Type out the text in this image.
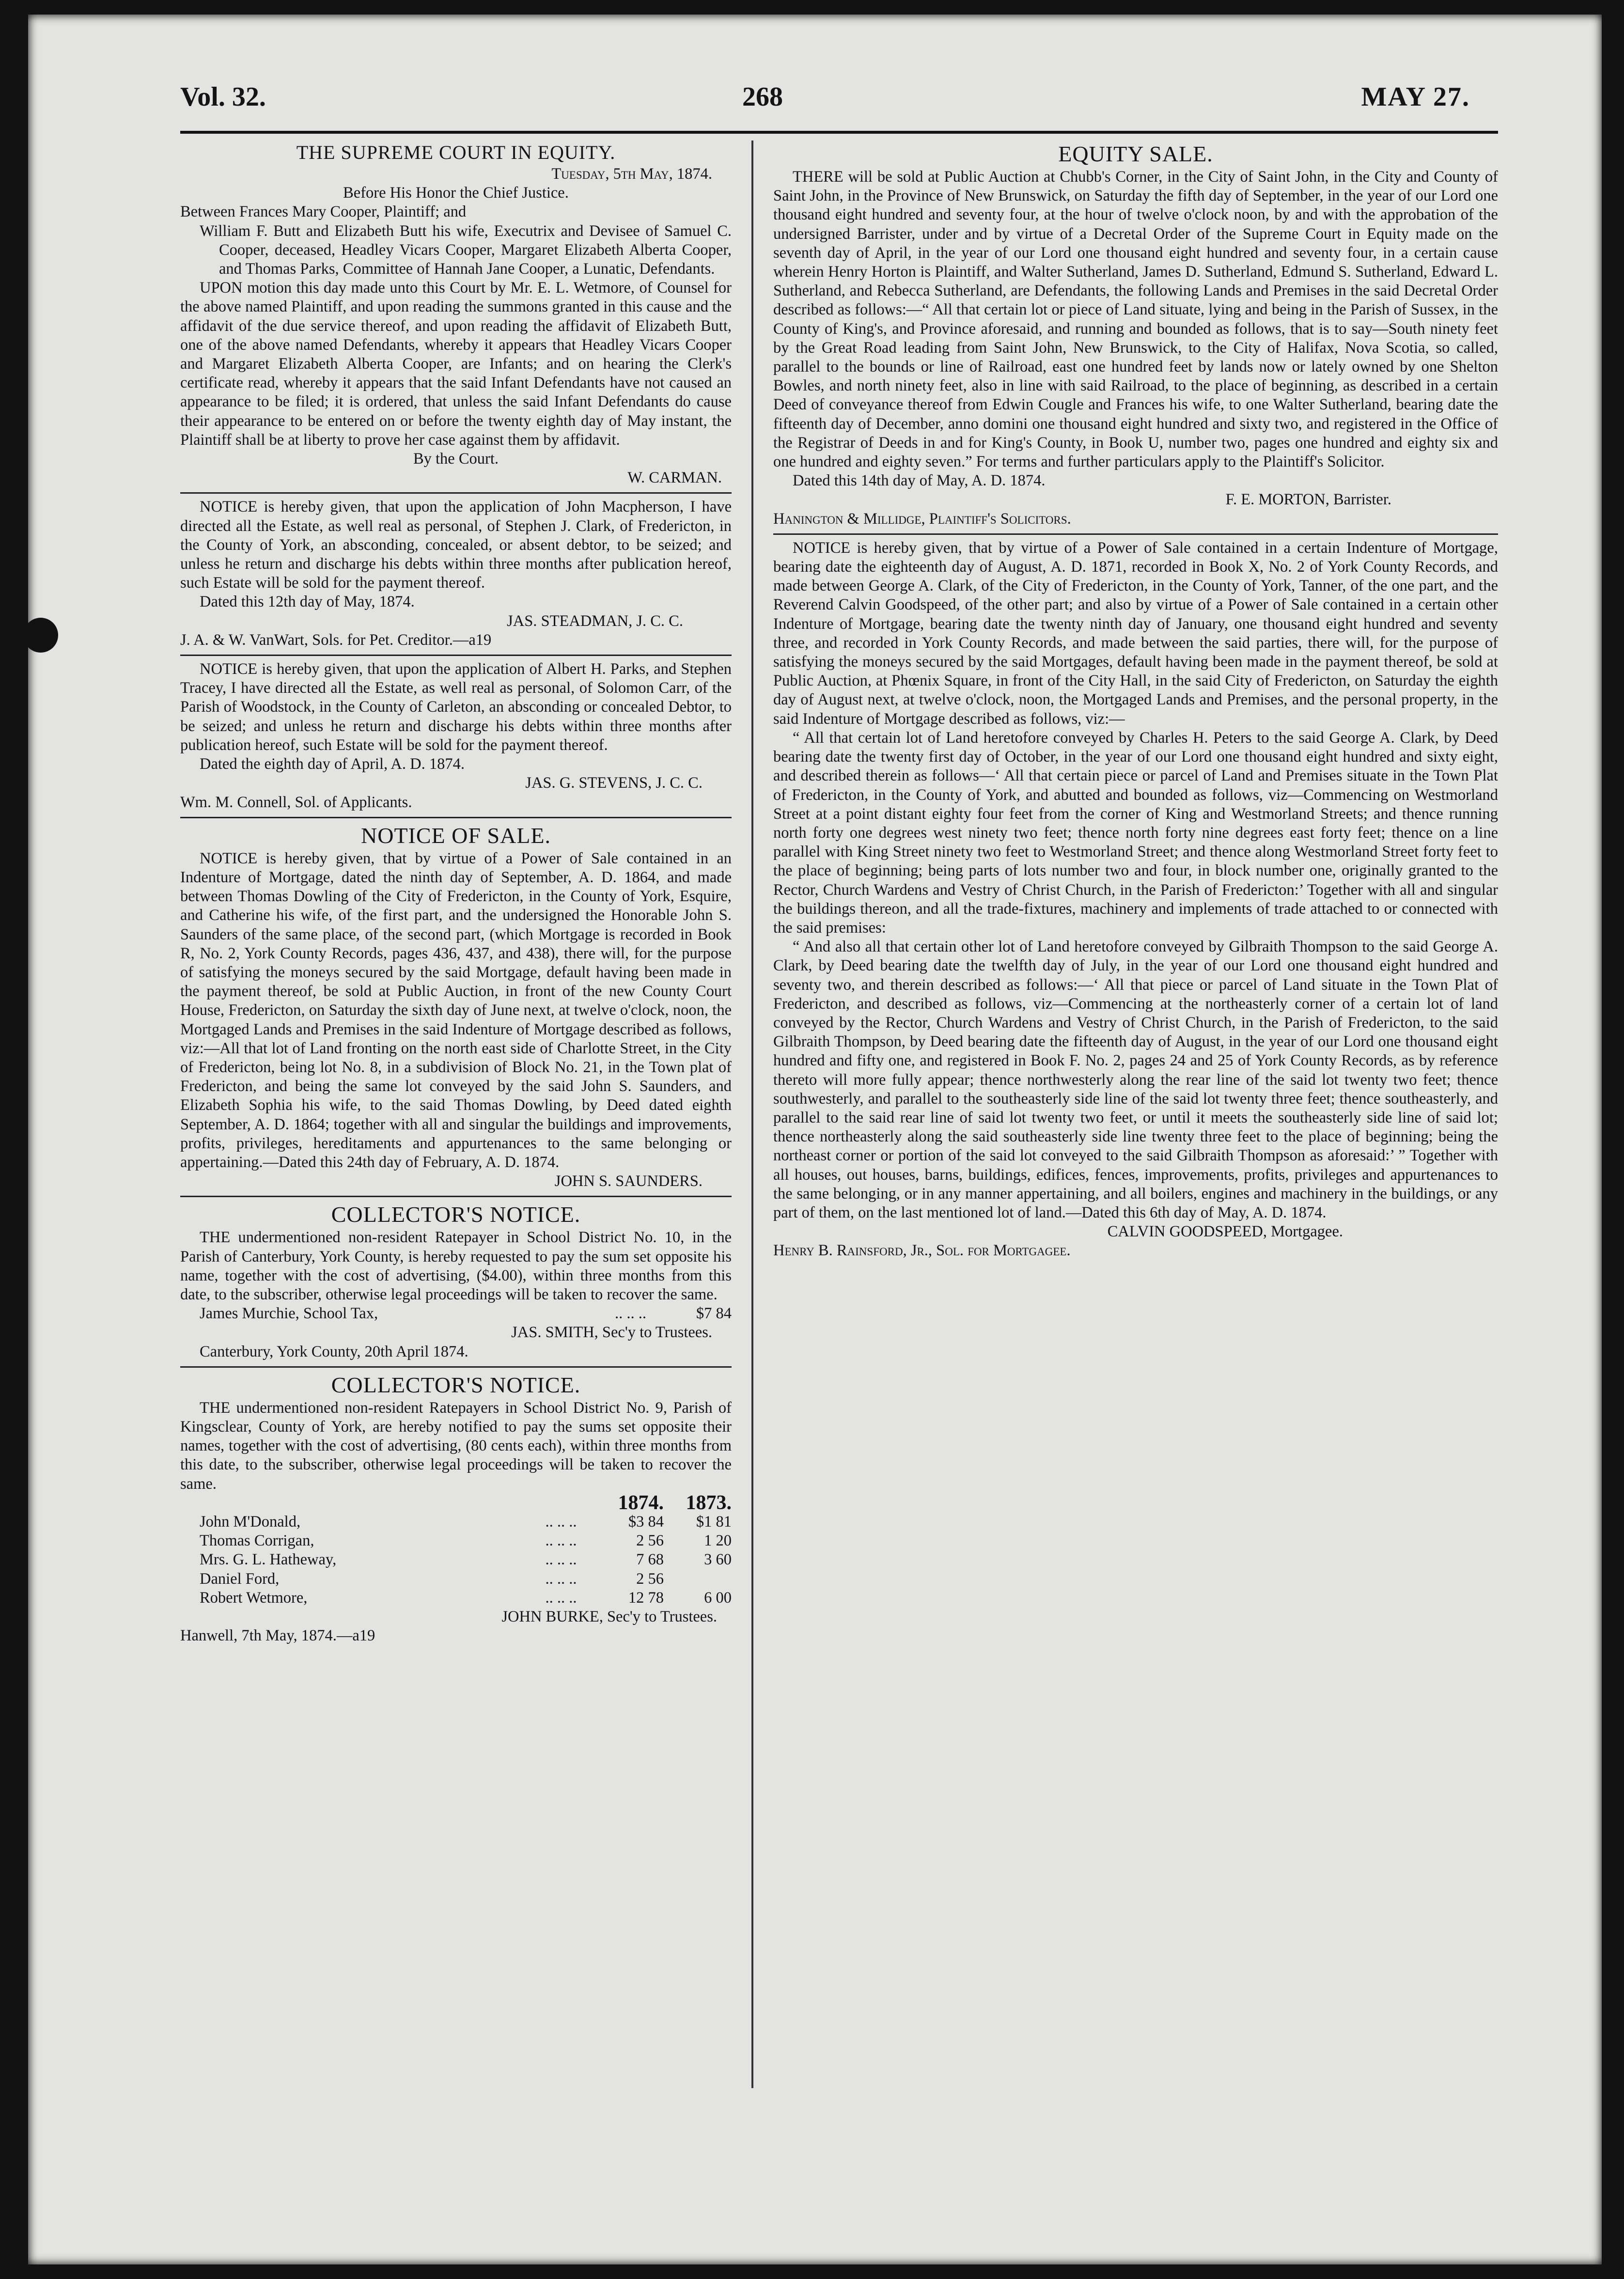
Vol. 32.	268	MAY 27.

THE SUPREME COURT IN EQUITY.

Tuesday, 5th May, 1874.

Before His Honor the Chief Justice.

Between Frances Mary Cooper, Plaintiff; and

William F. Butt and Elizabeth Butt his wife, Executrix and Devisee of Samuel C. Cooper, deceased, Headley Vicars Cooper, Margaret Elizabeth Alberta Cooper, and Thomas Parks, Committee of Hannah Jane Cooper, a Lunatic, Defendants.

UPON motion this day made unto this Court by Mr. E. L. Wetmore, of Counsel for the above named Plaintiff, and upon reading the summons granted in this cause and the affidavit of the due service thereof, and upon reading the affidavit of Elizabeth Butt, one of the above named Defendants, whereby it appears that Headley Vicars Cooper and Margaret Elizabeth Alberta Cooper, are Infants; and on hearing the Clerk's certificate read, whereby it appears that the said Infant Defendants have not caused an appearance to be filed; it is ordered, that unless the said Infant Defendants do cause their appearance to be entered on or before the twenty eighth day of May instant, the Plaintiff shall be at liberty to prove her case against them by affidavit.

By the Court.

W. CARMAN.

NOTICE is hereby given, that upon the application of John Macpherson, I have directed all the Estate, as well real as personal, of Stephen J. Clark, of Fredericton, in the County of York, an absconding, concealed, or absent debtor, to be seized; and unless he return and discharge his debts within three months after publication hereof, such Estate will be sold for the payment thereof.

Dated this 12th day of May, 1874.

JAS. STEADMAN, J. C. C.

J. A. & W. VanWart, Sols. for Pet. Creditor.—a19

NOTICE is hereby given, that upon the application of Albert H. Parks, and Stephen Tracey, I have directed all the Estate, as well real as personal, of Solomon Carr, of the Parish of Woodstock, in the County of Carleton, an absconding or concealed Debtor, to be seized; and unless he return and discharge his debts within three months after publication hereof, such Estate will be sold for the payment thereof.

Dated the eighth day of April, A. D. 1874.

JAS. G. STEVENS, J. C. C.

Wm. M. Connell, Sol. of Applicants.

NOTICE OF SALE.

NOTICE is hereby given, that by virtue of a Power of Sale contained in an Indenture of Mortgage, dated the ninth day of September, A. D. 1864, and made between Thomas Dowling of the City of Fredericton, in the County of York, Esquire, and Catherine his wife, of the first part, and the undersigned the Honorable John S. Saunders of the same place, of the second part, (which Mortgage is recorded in Book R, No. 2, York County Records, pages 436, 437, and 438), there will, for the purpose of satisfying the moneys secured by the said Mortgage, default having been made in the payment thereof, be sold at Public Auction, in front of the new County Court House, Fredericton, on Saturday the sixth day of June next, at twelve o'clock, noon, the Mortgaged Lands and Premises in the said Indenture of Mortgage described as follows, viz:—All that lot of Land fronting on the north east side of Charlotte Street, in the City of Fredericton, being lot No. 8, in a subdivision of Block No. 21, in the Town plat of Fredericton, and being the same lot conveyed by the said John S. Saunders, and Elizabeth Sophia his wife, to the said Thomas Dowling, by Deed dated eighth September, A. D. 1864; together with all and singular the buildings and improvements, profits, privileges, hereditaments and appurtenances to the same belonging or appertaining.—Dated this 24th day of February, A. D. 1874.

JOHN S. SAUNDERS.

COLLECTOR'S NOTICE.

THE undermentioned non-resident Ratepayer in School District No. 10, in the Parish of Canterbury, York County, is hereby requested to pay the sum set opposite his name, together with the cost of advertising, ($4.00), within three months from this date, to the subscriber, otherwise legal proceedings will be taken to recover the same.

James Murchie, School Tax,	.. .. ..	$7 84

JAS. SMITH, Sec'y to Trustees.

Canterbury, York County, 20th April 1874.

COLLECTOR'S NOTICE.

THE undermentioned non-resident Ratepayers in School District No. 9, Parish of Kingsclear, County of York, are hereby notified to pay the sums set opposite their names, together with the cost of advertising, (80 cents each), within three months from this date, to the subscriber, otherwise legal proceedings will be taken to recover the same.

		1874.	1873.
John M'Donald,	.. .. ..	$3 84	$1 81
Thomas Corrigan,	.. .. ..	2 56	1 20
Mrs. G. L. Hatheway,	.. .. ..	7 68	3 60
Daniel Ford,	.. .. ..	2 56	
Robert Wetmore,	.. .. ..	12 78	6 00

JOHN BURKE, Sec'y to Trustees.

Hanwell, 7th May, 1874.—a19

EQUITY SALE.

THERE will be sold at Public Auction at Chubb's Corner, in the City of Saint John, in the City and County of Saint John, in the Province of New Brunswick, on Saturday the fifth day of September, in the year of our Lord one thousand eight hundred and seventy four, at the hour of twelve o'clock noon, by and with the approbation of the undersigned Barrister, under and by virtue of a Decretal Order of the Supreme Court in Equity made on the seventh day of April, in the year of our Lord one thousand eight hundred and seventy four, in a certain cause wherein Henry Horton is Plaintiff, and Walter Sutherland, James D. Sutherland, Edmund S. Sutherland, Edward L. Sutherland, and Rebecca Sutherland, are Defendants, the following Lands and Premises in the said Decretal Order described as follows:—“ All that certain lot or piece of Land situate, lying and being in the Parish of Sussex, in the County of King's, and Province aforesaid, and running and bounded as follows, that is to say—South ninety feet by the Great Road leading from Saint John, New Brunswick, to the City of Halifax, Nova Scotia, so called, parallel to the bounds or line of Railroad, east one hundred feet by lands now or lately owned by one Shelton Bowles, and north ninety feet, also in line with said Railroad, to the place of beginning, as described in a certain Deed of conveyance thereof from Edwin Cougle and Frances his wife, to one Walter Sutherland, bearing date the fifteenth day of December, anno domini one thousand eight hundred and sixty two, and registered in the Office of the Registrar of Deeds in and for King's County, in Book U, number two, pages one hundred and eighty six and one hundred and eighty seven.” For terms and further particulars apply to the Plaintiff's Solicitor.

Dated this 14th day of May, A. D. 1874.

F. E. MORTON, Barrister.

Hanington & Millidge, Plaintiff's Solicitors.

NOTICE is hereby given, that by virtue of a Power of Sale contained in a certain Indenture of Mortgage, bearing date the eighteenth day of August, A. D. 1871, recorded in Book X, No. 2 of York County Records, and made between George A. Clark, of the City of Fredericton, in the County of York, Tanner, of the one part, and the Reverend Calvin Goodspeed, of the other part; and also by virtue of a Power of Sale contained in a certain other Indenture of Mortgage, bearing date the twenty ninth day of January, one thousand eight hundred and seventy three, and recorded in York County Records, and made between the said parties, there will, for the purpose of satisfying the moneys secured by the said Mortgages, default having been made in the payment thereof, be sold at Public Auction, at Phœnix Square, in front of the City Hall, in the said City of Fredericton, on Saturday the eighth day of August next, at twelve o'clock, noon, the Mortgaged Lands and Premises, and the personal property, in the said Indenture of Mortgage described as follows, viz:—

“ All that certain lot of Land heretofore conveyed by Charles H. Peters to the said George A. Clark, by Deed bearing date the twenty first day of October, in the year of our Lord one thousand eight hundred and sixty eight, and described therein as follows—‘ All that certain piece or parcel of Land and Premises situate in the Town Plat of Fredericton, in the County of York, and abutted and bounded as follows, viz—Commencing on Westmorland Street at a point distant eighty four feet from the corner of King and Westmorland Streets; and thence running north forty one degrees west ninety two feet; thence north forty nine degrees east forty feet; thence on a line parallel with King Street ninety two feet to Westmorland Street; and thence along Westmorland Street forty feet to the place of beginning; being parts of lots number two and four, in block number one, originally granted to the Rector, Church Wardens and Vestry of Christ Church, in the Parish of Fredericton:’ Together with all and singular the buildings thereon, and all the trade-fixtures, machinery and implements of trade attached to or connected with the said premises:

“ And also all that certain other lot of Land heretofore conveyed by Gilbraith Thompson to the said George A. Clark, by Deed bearing date the twelfth day of July, in the year of our Lord one thousand eight hundred and seventy two, and therein described as follows:—‘ All that piece or parcel of Land situate in the Town Plat of Fredericton, and described as follows, viz—Commencing at the northeasterly corner of a certain lot of land conveyed by the Rector, Church Wardens and Vestry of Christ Church, in the Parish of Fredericton, to the said Gilbraith Thompson, by Deed bearing date the fifteenth day of August, in the year of our Lord one thousand eight hundred and fifty one, and registered in Book F. No. 2, pages 24 and 25 of York County Records, as by reference thereto will more fully appear; thence northwesterly along the rear line of the said lot twenty two feet; thence southwesterly, and parallel to the southeasterly side line of the said lot twenty three feet; thence southeasterly, and parallel to the said rear line of said lot twenty two feet, or until it meets the southeasterly side line of said lot; thence northeasterly along the said southeasterly side line twenty three feet to the place of beginning; being the northeast corner or portion of the said lot conveyed to the said Gilbraith Thompson as aforesaid:’ ” Together with all houses, out houses, barns, buildings, edifices, fences, improvements, profits, privileges and appurtenances to the same belonging, or in any manner appertaining, and all boilers, engines and machinery in the buildings, or any part of them, on the last mentioned lot of land.—Dated this 6th day of May, A. D. 1874.

CALVIN GOODSPEED, Mortgagee.

Henry B. Rainsford, Jr., Sol. for Mortgagee.
